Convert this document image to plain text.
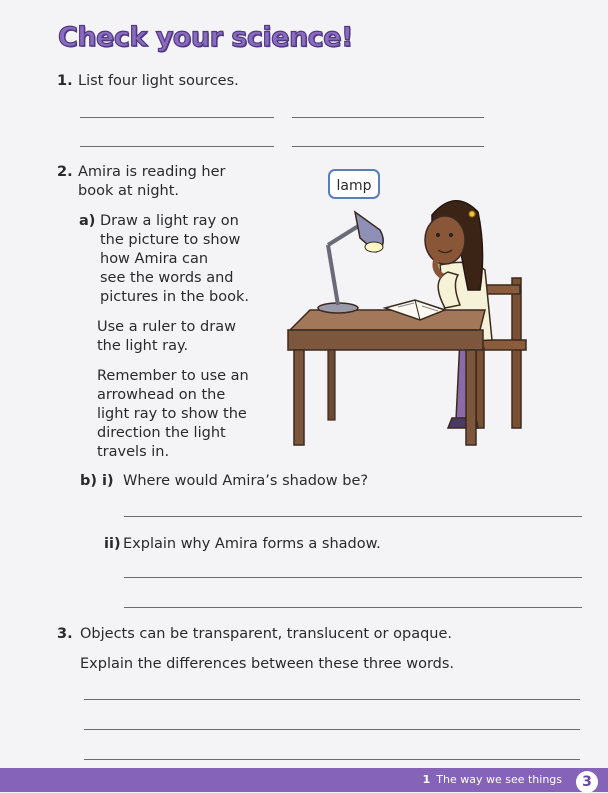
Check your science!
1. List four light sources.
2. Amira is reading her
book at night.
a) Draw a light ray on
the picture to show
how Amira can
see the words and
pictures in the book.
Use a ruler to draw
the light ray.
Remember to use an
arrowhead on the
light ray to show the
direction the light
travels in.
lamp
b) i) Where would Amira’s shadow be?
ii) Explain why Amira forms a shadow.
3. Objects can be transparent, translucent or opaque.
Explain the differences between these three words.
1 The way we see things	3
